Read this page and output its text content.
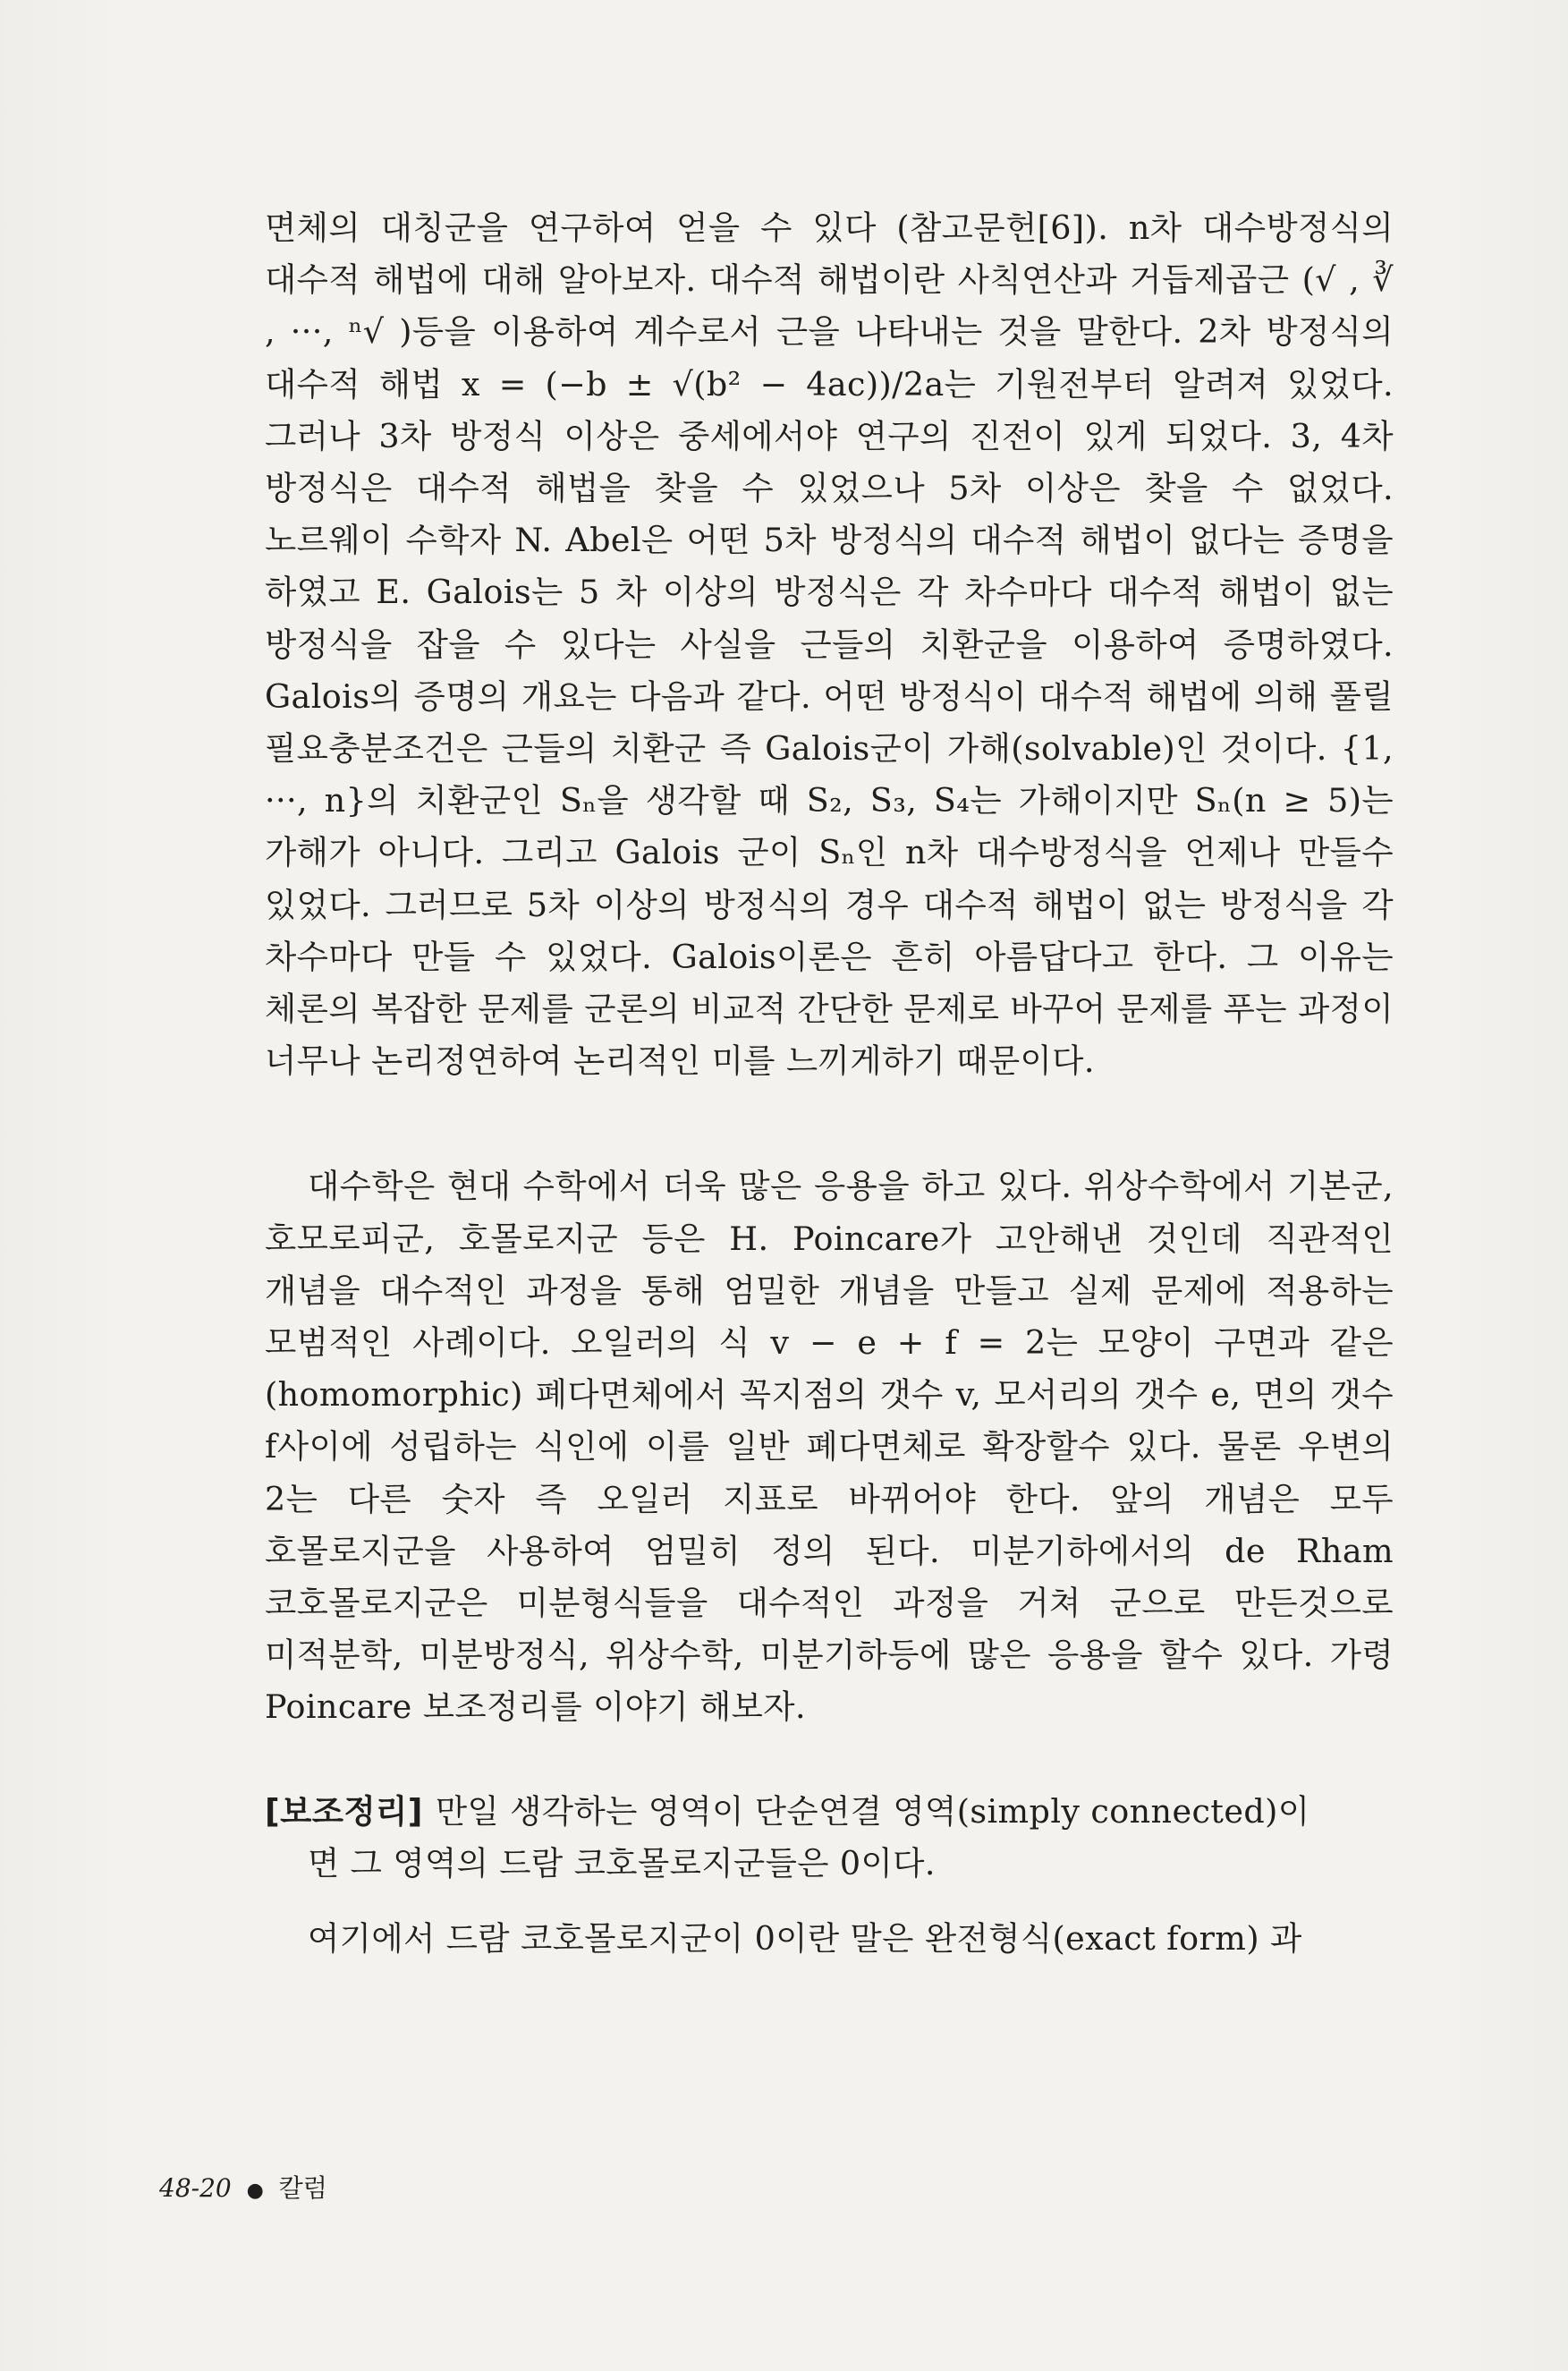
면체의 대칭군을 연구하여 얻을 수 있다 (참고문헌[6]). n차 대수방정식의 대수적 해법에 대해 알아보자. 대수적 해법이란 사칙연산과 거듭제곱근 (√ , ∛ , ···, ⁿ√ )등을 이용하여 계수로서 근을 나타내는 것을 말한다. 2차 방정식의 대수적 해법 x = (−b ± √(b² − 4ac))/2a는 기원전부터 알려져 있었다. 그러나 3차 방정식 이상은 중세에서야 연구의 진전이 있게 되었다. 3, 4차 방정식은 대수적 해법을 찾을 수 있었으나 5차 이상은 찾을 수 없었다. 노르웨이 수학자 N. Abel은 어떤 5차 방정식의 대수적 해법이 없다는 증명을 하였고 E. Galois는 5 차 이상의 방정식은 각 차수마다 대수적 해법이 없는 방정식을 잡을 수 있다는 사실을 근들의 치환군을 이용하여 증명하였다. Galois의 증명의 개요는 다음과 같다. 어떤 방정식이 대수적 해법에 의해 풀릴 필요충분조건은 근들의 치환군 즉 Galois군이 가해(solvable)인 것이다. {1, ···, n}의 치환군인 Sₙ을 생각할 때 S₂, S₃, S₄는 가해이지만 Sₙ(n ≥ 5)는 가해가 아니다. 그리고 Galois 군이 Sₙ인 n차 대수방정식을 언제나 만들수 있었다. 그러므로 5차 이상의 방정식의 경우 대수적 해법이 없는 방정식을 각 차수마다 만들 수 있었다. Galois이론은 흔히 아름답다고 한다. 그 이유는 체론의 복잡한 문제를 군론의 비교적 간단한 문제로 바꾸어 문제를 푸는 과정이 너무나 논리정연하여 논리적인 미를 느끼게하기 때문이다.

대수학은 현대 수학에서 더욱 많은 응용을 하고 있다. 위상수학에서 기본군, 호모로피군, 호몰로지군 등은 H. Poincare가 고안해낸 것인데 직관적인 개념을 대수적인 과정을 통해 엄밀한 개념을 만들고 실제 문제에 적용하는 모범적인 사례이다. 오일러의 식 v − e + f = 2는 모양이 구면과 같은(homomorphic) 폐다면체에서 꼭지점의 갯수 v, 모서리의 갯수 e, 면의 갯수 f사이에 성립하는 식인에 이를 일반 폐다면체로 확장할수 있다. 물론 우변의 2는 다른 숫자 즉 오일러 지표로 바뀌어야 한다. 앞의 개념은 모두 호몰로지군을 사용하여 엄밀히 정의 된다. 미분기하에서의 de Rham 코호몰로지군은 미분형식들을 대수적인 과정을 거쳐 군으로 만든것으로 미적분학, 미분방정식, 위상수학, 미분기하등에 많은 응용을 할수 있다. 가령 Poincare 보조정리를 이야기 해보자.

[보조정리] 만일 생각하는 영역이 단순연결 영역(simply connected)이
면 그 영역의 드람 코호몰로지군들은 0이다.

여기에서 드람 코호몰로지군이 0이란 말은 완전형식(exact form) 과

48-20 ● 칼럼
